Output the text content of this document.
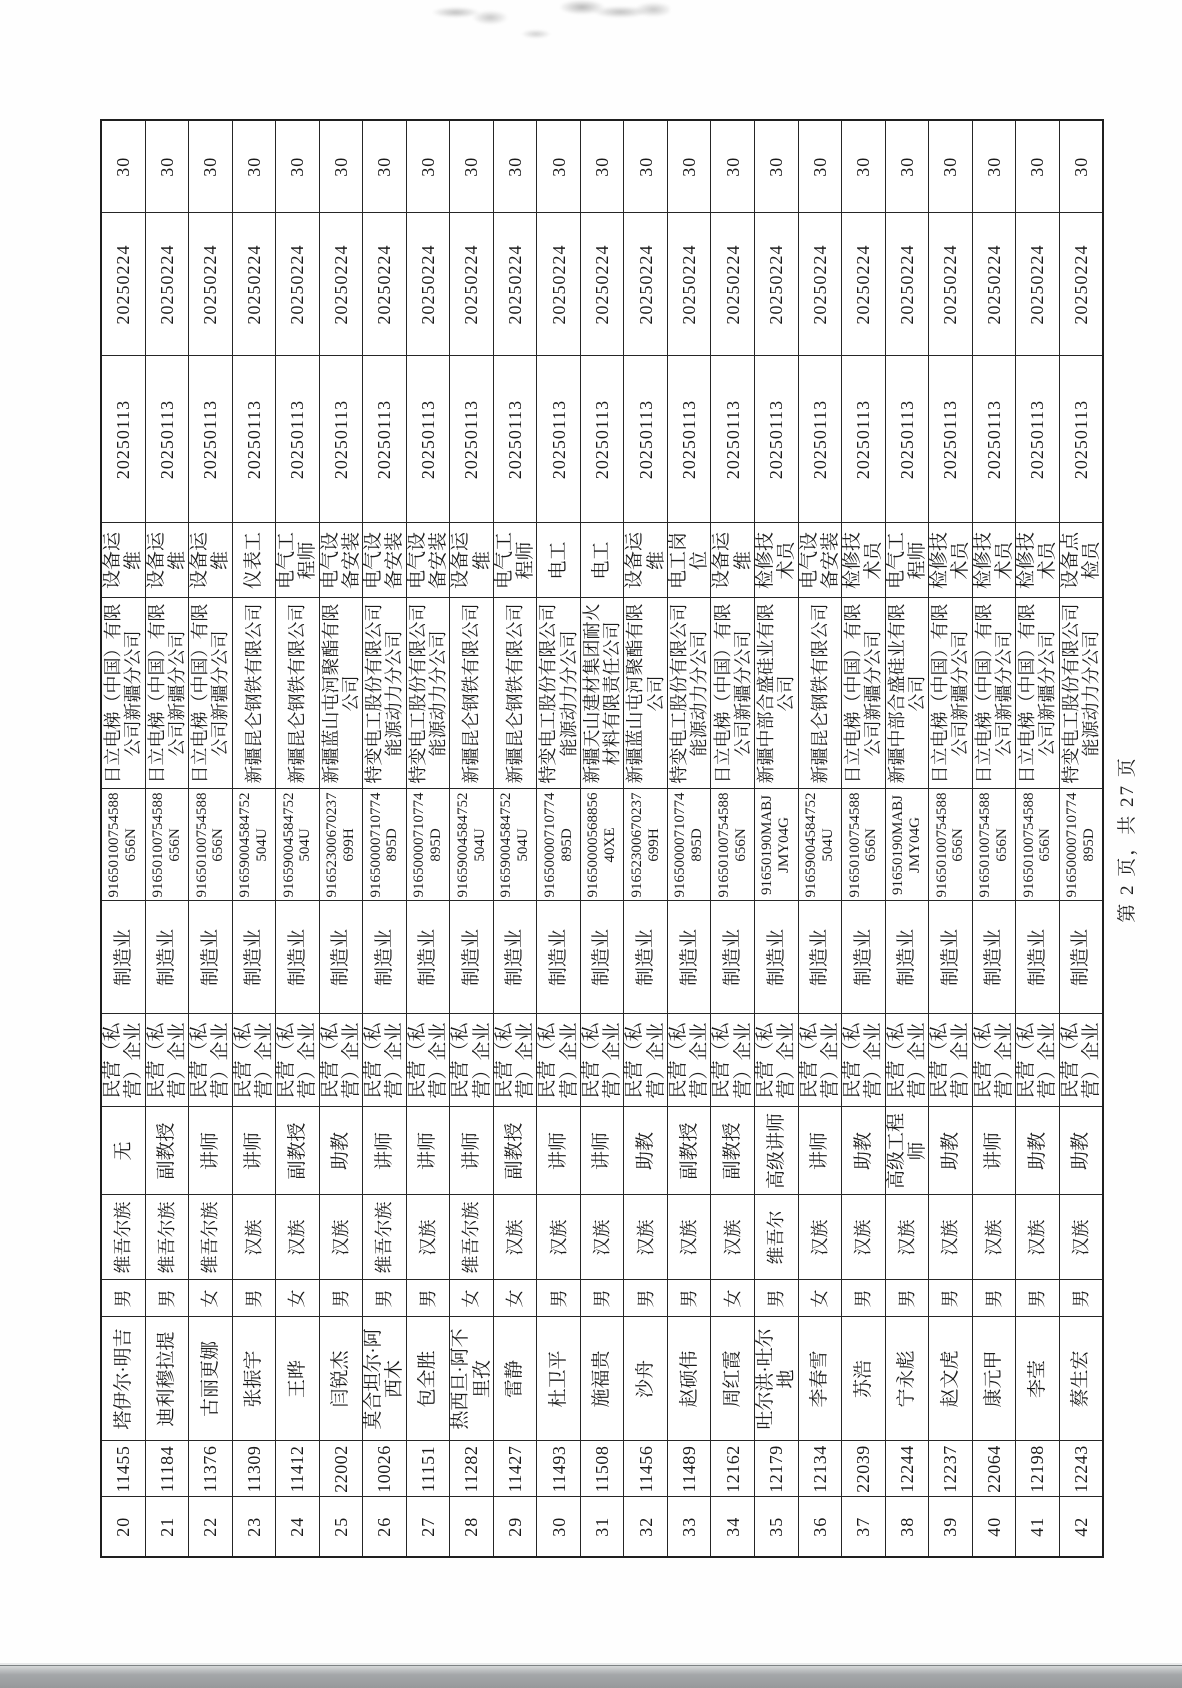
20	11455	塔伊尔·明吉	男	维吾尔族	无	民营（私营）企业	制造业	91650100754588656N	日立电梯（中国）有限公司新疆分公司	设备运维	20250113	20250224	30
21	11184	迪利穆拉提	男	维吾尔族	副教授	民营（私营）企业	制造业	91650100754588656N	日立电梯（中国）有限公司新疆分公司	设备运维	20250113	20250224	30
22	11376	古丽更娜	女	维吾尔族	讲师	民营（私营）企业	制造业	91650100754588656N	日立电梯（中国）有限公司新疆分公司	设备运维	20250113	20250224	30
23	11309	张振宇	男	汉族	讲师	民营（私营）企业	制造业	91659004584752504U	新疆昆仑钢铁有限公司	仪表工	20250113	20250224	30
24	11412	王晔	女	汉族	副教授	民营（私营）企业	制造业	91659004584752504U	新疆昆仑钢铁有限公司	电气工程师	20250113	20250224	30
25	22002	闫锐杰	男	汉族	助教	民营（私营）企业	制造业	91652300670237699H	新疆蓝山屯河聚酯有限公司	电气设备安装	20250113	20250224	30
26	10026	莫合坦尔·阿西木	男	维吾尔族	讲师	民营（私营）企业	制造业	91650000710774895D	特变电工股份有限公司能源动力分公司	电气设备安装	20250113	20250224	30
27	11151	包全胜	男	汉族	讲师	民营（私营）企业	制造业	91650000710774895D	特变电工股份有限公司能源动力分公司	电气设备安装	20250113	20250224	30
28	11282	热西旦·阿不里孜	女	维吾尔族	讲师	民营（私营）企业	制造业	91659004584752504U	新疆昆仑钢铁有限公司	设备运维	20250113	20250224	30
29	11427	雷静	女	汉族	副教授	民营（私营）企业	制造业	91659004584752504U	新疆昆仑钢铁有限公司	电气工程师	20250113	20250224	30
30	11493	杜卫平	男	汉族	讲师	民营（私营）企业	制造业	91650000710774895D	特变电工股份有限公司能源动力分公司	电工	20250113	20250224	30
31	11508	施福贵	男	汉族	讲师	民营（私营）企业	制造业	9165000056885640XE	新疆天山建材集团耐火材料有限责任公司	电工	20250113	20250224	30
32	11456	沙舟	男	汉族	助教	民营（私营）企业	制造业	91652300670237699H	新疆蓝山屯河聚酯有限公司	设备运维	20250113	20250224	30
33	11489	赵硕伟	男	汉族	副教授	民营（私营）企业	制造业	91650000710774895D	特变电工股份有限公司能源动力分公司	电工岗位	20250113	20250224	30
34	12162	周红霞	女	汉族	副教授	民营（私营）企业	制造业	91650100754588656N	日立电梯（中国）有限公司新疆分公司	设备运维	20250113	20250224	30
35	12179	吐尔洪·吐尔地	男	维吾尔	高级讲师	民营（私营）企业	制造业	91650190MABJJMY04G	新疆中部合盛硅业有限公司	检修技术员	20250113	20250224	30
36	12134	李春雪	女	汉族	讲师	民营（私营）企业	制造业	91659004584752504U	新疆昆仑钢铁有限公司	电气设备安装	20250113	20250224	30
37	22039	苏浩	男	汉族	助教	民营（私营）企业	制造业	91650100754588656N	日立电梯（中国）有限公司新疆分公司	检修技术员	20250113	20250224	30
38	12244	宁永彪	男	汉族	高级工程师	民营（私营）企业	制造业	91650190MABJJMY04G	新疆中部合盛硅业有限公司	电气工程师	20250113	20250224	30
39	12237	赵文虎	男	汉族	助教	民营（私营）企业	制造业	91650100754588656N	日立电梯（中国）有限公司新疆分公司	检修技术员	20250113	20250224	30
40	22064	康元甲	男	汉族	讲师	民营（私营）企业	制造业	91650100754588656N	日立电梯（中国）有限公司新疆分公司	检修技术员	20250113	20250224	30
41	12198	李莹	男	汉族	助教	民营（私营）企业	制造业	91650100754588656N	日立电梯（中国）有限公司新疆分公司	检修技术员	20250113	20250224	30
42	12243	蔡生宏	男	汉族	助教	民营（私营）企业	制造业	91650000710774895D	特变电工股份有限公司能源动力分公司	设备点检员	20250113	20250224	30
第 2 页，共 27 页
